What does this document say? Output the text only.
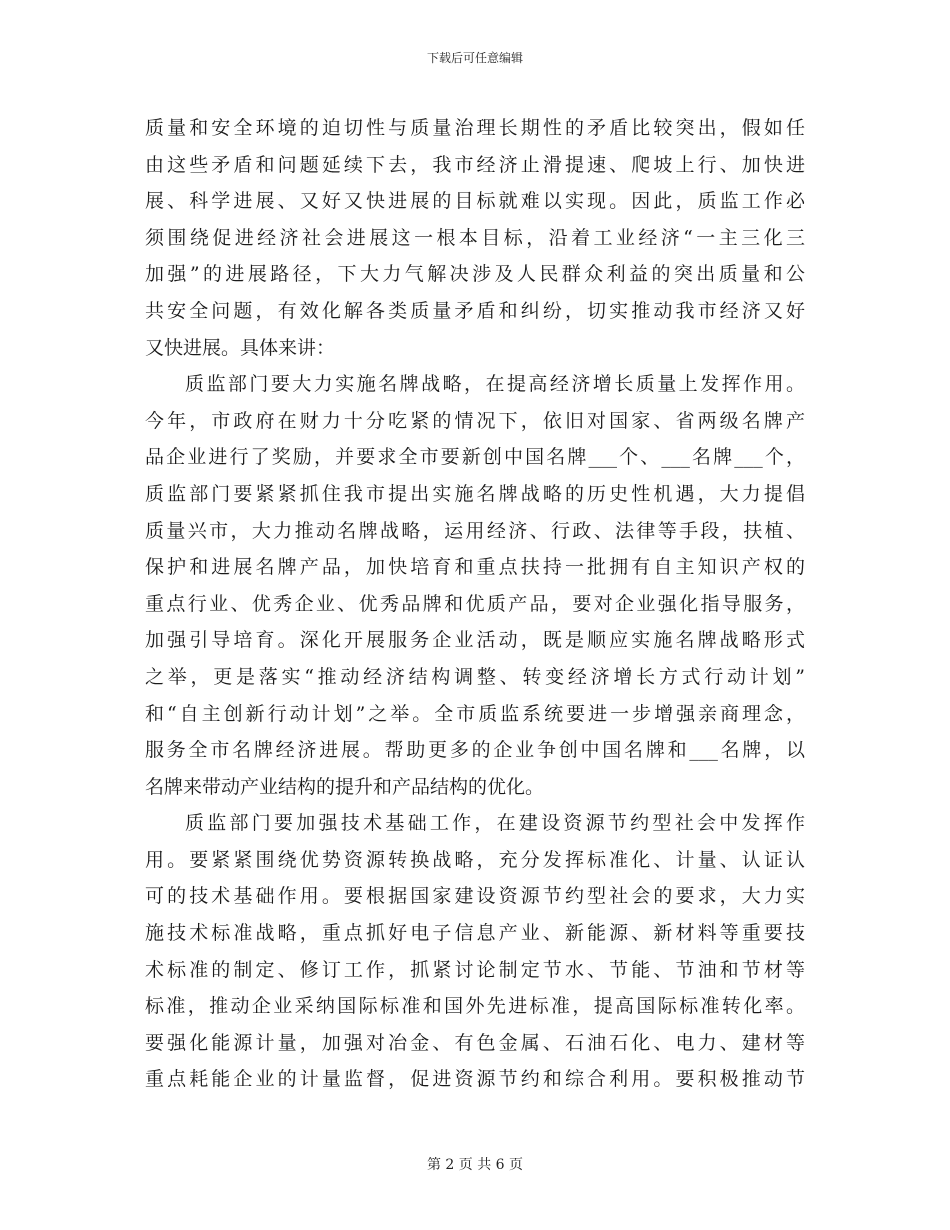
下载后可任意编辑
质量和安全环境的迫切性与质量治理长期性的矛盾比较突出，假如任
由这些矛盾和问题延续下去，我市经济止滑提速、爬坡上行、加快进
展、科学进展、又好又快进展的目标就难以实现。因此，质监工作必
须围绕促进经济社会进展这一根本目标，沿着工业经济“一主三化三
加强”的进展路径，下大力气解决涉及人民群众利益的突出质量和公
共安全问题，有效化解各类质量矛盾和纠纷，切实推动我市经济又好
又快进展。具体来讲：
质监部门要大力实施名牌战略，在提高经济增长质量上发挥作用。
今年，市政府在财力十分吃紧的情况下，依旧对国家、省两级名牌产
品企业进行了奖励，并要求全市要新创中国名牌___个、___名牌___个，
质监部门要紧紧抓住我市提出实施名牌战略的历史性机遇，大力提倡
质量兴市，大力推动名牌战略，运用经济、行政、法律等手段，扶植、
保护和进展名牌产品，加快培育和重点扶持一批拥有自主知识产权的
重点行业、优秀企业、优秀品牌和优质产品，要对企业强化指导服务，
加强引导培育。深化开展服务企业活动，既是顺应实施名牌战略形式
之举，更是落实“推动经济结构调整、转变经济增长方式行动计划”
和“自主创新行动计划”之举。全市质监系统要进一步增强亲商理念，
服务全市名牌经济进展。帮助更多的企业争创中国名牌和___名牌，以
名牌来带动产业结构的提升和产品结构的优化。
质监部门要加强技术基础工作，在建设资源节约型社会中发挥作
用。要紧紧围绕优势资源转换战略，充分发挥标准化、计量、认证认
可的技术基础作用。要根据国家建设资源节约型社会的要求，大力实
施技术标准战略，重点抓好电子信息产业、新能源、新材料等重要技
术标准的制定、修订工作，抓紧讨论制定节水、节能、节油和节材等
标准，推动企业采纳国际标准和国外先进标准，提高国际标准转化率。
要强化能源计量，加强对冶金、有色金属、石油石化、电力、建材等
重点耗能企业的计量监督，促进资源节约和综合利用。要积极推动节
第 2 页 共 6 页
